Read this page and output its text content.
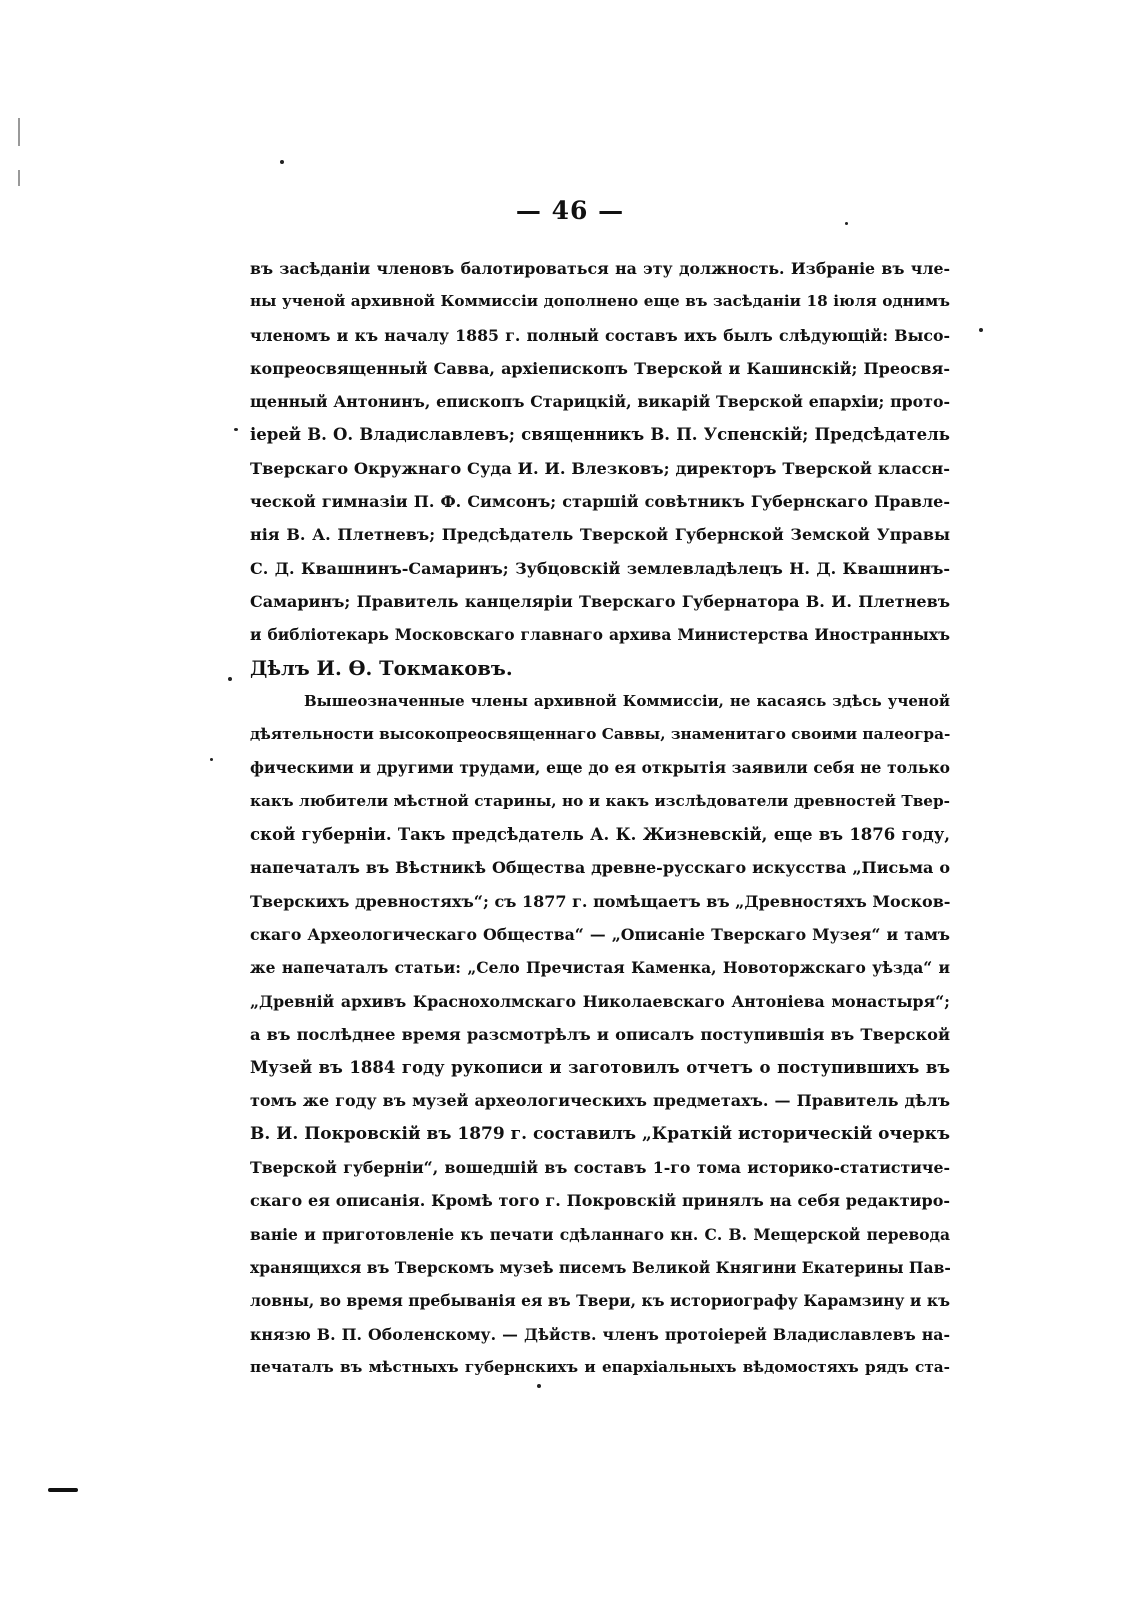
— 46 —
въ засѣданіи членовъ балотироваться на эту должность. Избраніе въ чле-
ны ученой архивной Коммиссіи дополнено еще въ засѣданіи 18 іюля однимъ
членомъ и къ началу 1885 г. полный составъ ихъ былъ слѣдующій: Высо-
копреосвященный Савва, архіепископъ Тверской и Кашинскій; Преосвя-
щенный Антонинъ, епископъ Старицкій, викарій Тверской епархіи; прото-
іерей В. О. Владиславлевъ; священникъ В. П. Успенскій; Предсѣдатель
Тверскаго Окружнаго Суда И. И. Влезковъ; директоръ Тверской классн-
ческой гимназіи П. Ф. Симсонъ; старшій совѣтникъ Губернскаго Правле-
нія В. А. Плетневъ; Предсѣдатель Тверской Губернской Земской Управы
С. Д. Квашнинъ-Самаринъ; Зубцовскій землевладѣлецъ Н. Д. Квашнинъ-
Самаринъ; Правитель канцеляріи Тверскаго Губернатора В. И. Плетневъ
и библіотекарь Московскаго главнаго архива Министерства Иностранныхъ
Дѣлъ И. Ѳ. Токмаковъ.
Вышеозначенные члены архивной Коммиссіи, не касаясь здѣсь ученой
дѣятельности высокопреосвященнаго Саввы, знаменитаго своими палеогра-
фическими и другими трудами, еще до ея открытія заявили себя не только
какъ любители мѣстной старины, но и какъ изслѣдователи древностей Твер-
ской губерніи. Такъ предсѣдатель А. К. Жизневскій, еще въ 1876 году,
напечаталъ въ Вѣстникѣ Общества древне-русскаго искусства „Письма о
Тверскихъ древностяхъ“; съ 1877 г. помѣщаетъ въ „Древностяхъ Москов-
скаго Археологическаго Общества“ — „Описаніе Тверскаго Музея“ и тамъ
же напечаталъ статьи: „Село Пречистая Каменка, Новоторжскаго уѣзда“ и
„Древній архивъ Краснохолмскаго Николаевскаго Антоніева монастыря“;
а въ послѣднее время разсмотрѣлъ и описалъ поступившія въ Тверской
Музей въ 1884 году рукописи и заготовилъ отчетъ о поступившихъ въ
томъ же году въ музей археологическихъ предметахъ. — Правитель дѣлъ
В. И. Покровскій въ 1879 г. составилъ „Краткій историческій очеркъ
Тверской губерніи“, вошедшій въ составъ 1-го тома историко-статистиче-
скаго ея описанія. Кромѣ того г. Покровскій принялъ на себя редактиро-
ваніе и приготовленіе къ печати сдѣланнаго кн. С. В. Мещерской перевода
хранящихся въ Тверскомъ музеѣ писемъ Великой Княгини Екатерины Пав-
ловны, во время пребыванія ея въ Твери, къ историографу Карамзину и къ
князю В. П. Оболенскому. — Дѣйств. членъ протоіерей Владиславлевъ на-
печаталъ въ мѣстныхъ губернскихъ и епархіальныхъ вѣдомостяхъ рядъ ста-
